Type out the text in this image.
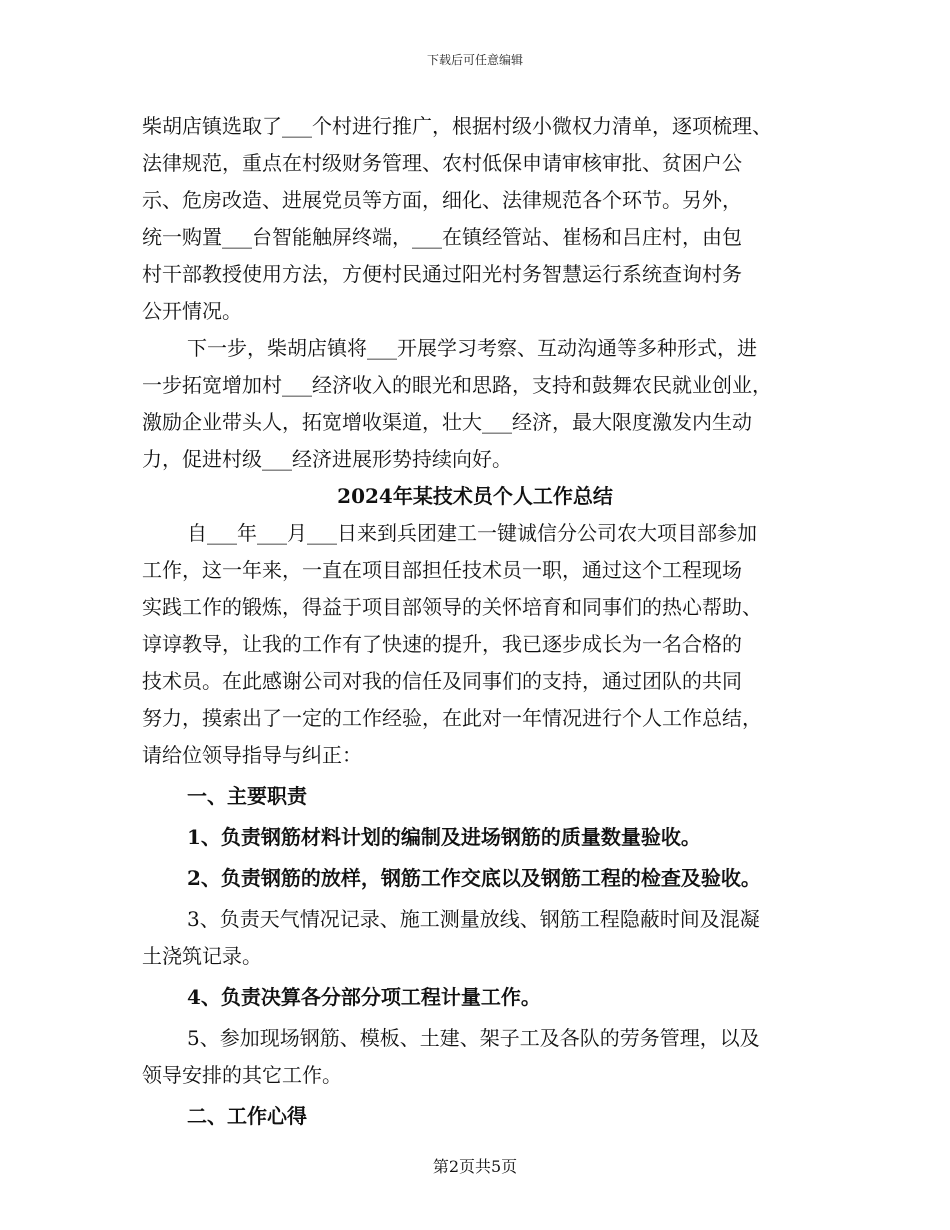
下载后可任意编辑
柴胡店镇选取了___个村进行推广，根据村级小微权力清单，逐项梳理、
法律规范，重点在村级财务管理、农村低保申请审核审批、贫困户公
示、危房改造、进展党员等方面，细化、法律规范各个环节。另外，
统一购置___台智能触屏终端，___在镇经管站、崔杨和吕庄村，由包
村干部教授使用方法，方便村民通过阳光村务智慧运行系统查询村务
公开情况。
下一步，柴胡店镇将___开展学习考察、互动沟通等多种形式，进
一步拓宽增加村___经济收入的眼光和思路，支持和鼓舞农民就业创业，
激励企业带头人，拓宽增收渠道，壮大___经济，最大限度激发内生动
力，促进村级___经济进展形势持续向好。
2024年某技术员个人工作总结
自___年___月___日来到兵团建工一键诚信分公司农大项目部参加
工作，这一年来，一直在项目部担任技术员一职，通过这个工程现场
实践工作的锻炼，得益于项目部领导的关怀培育和同事们的热心帮助、
谆谆教导，让我的工作有了快速的提升，我已逐步成长为一名合格的
技术员。在此感谢公司对我的信任及同事们的支持，通过团队的共同
努力，摸索出了一定的工作经验，在此对一年情况进行个人工作总结，
请给位领导指导与纠正：
一、主要职责
1、负责钢筋材料计划的编制及进场钢筋的质量数量验收。
2、负责钢筋的放样，钢筋工作交底以及钢筋工程的检查及验收。
3、负责天气情况记录、施工测量放线、钢筋工程隐蔽时间及混凝
土浇筑记录。
4、负责决算各分部分项工程计量工作。
5、参加现场钢筋、模板、土建、架子工及各队的劳务管理，以及
领导安排的其它工作。
二、工作心得
第2页共5页
